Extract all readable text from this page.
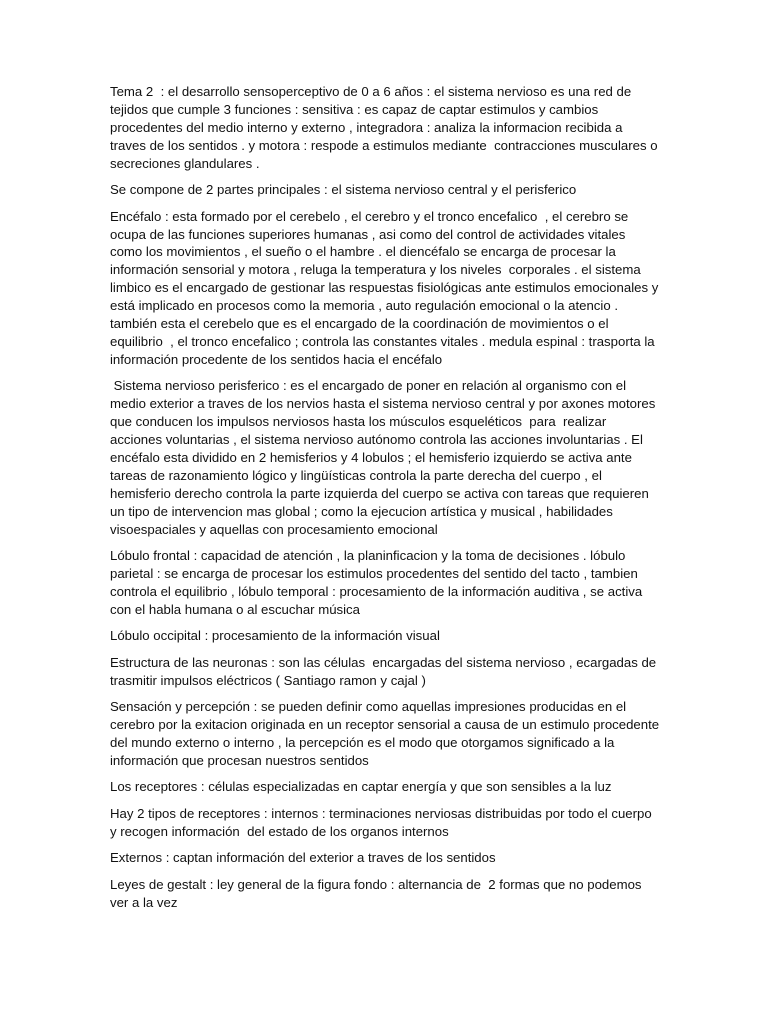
Tema 2  : el desarrollo sensoperceptivo de 0 a 6 años : el sistema nervioso es una red de tejidos que cumple 3 funciones : sensitiva : es capaz de captar estimulos y cambios procedentes del medio interno y externo , integradora : analiza la informacion recibida a traves de los sentidos . y motora : respode a estimulos mediante  contracciones musculares o secreciones glandulares .

Se compone de 2 partes principales : el sistema nervioso central y el perisferico

Encéfalo : esta formado por el cerebelo , el cerebro y el tronco encefalico  , el cerebro se ocupa de las funciones superiores humanas , asi como del control de actividades vitales como los movimientos , el sueño o el hambre . el diencéfalo se encarga de procesar la información sensorial y motora , reluga la temperatura y los niveles  corporales . el sistema limbico es el encargado de gestionar las respuestas fisiológicas ante estimulos emocionales y está implicado en procesos como la memoria , auto regulación emocional o la atencio . también esta el cerebelo que es el encargado de la coordinación de movimientos o el equilibrio  , el tronco encefalico ; controla las constantes vitales . medula espinal : trasporta la información procedente de los sentidos hacia el encéfalo

Sistema nervioso perisferico : es el encargado de poner en relación al organismo con el medio exterior a traves de los nervios hasta el sistema nervioso central y por axones motores que conducen los impulsos nerviosos hasta los músculos esqueléticos  para  realizar acciones voluntarias , el sistema nervioso autónomo controla las acciones involuntarias . El encéfalo esta dividido en 2 hemisferios y 4 lobulos ; el hemisferio izquierdo se activa ante tareas de razonamiento lógico y lingüísticas controla la parte derecha del cuerpo , el hemisferio derecho controla la parte izquierda del cuerpo se activa con tareas que requieren un tipo de intervencion mas global ; como la ejecucion artística y musical , habilidades visoespaciales y aquellas con procesamiento emocional

Lóbulo frontal : capacidad de atención , la planinficacion y la toma de decisiones . lóbulo parietal : se encarga de procesar los estimulos procedentes del sentido del tacto , tambien controla el equilibrio , lóbulo temporal : procesamiento de la información auditiva , se activa con el habla humana o al escuchar música

Lóbulo occipital : procesamiento de la información visual

Estructura de las neuronas : son las células  encargadas del sistema nervioso , ecargadas de trasmitir impulsos eléctricos ( Santiago ramon y cajal )

Sensación y percepción : se pueden definir como aquellas impresiones producidas en el cerebro por la exitacion originada en un receptor sensorial a causa de un estimulo procedente del mundo externo o interno , la percepción es el modo que otorgamos significado a la información que procesan nuestros sentidos

Los receptores : células especializadas en captar energía y que son sensibles a la luz

Hay 2 tipos de receptores : internos : terminaciones nerviosas distribuidas por todo el cuerpo y recogen información  del estado de los organos internos

Externos : captan información del exterior a traves de los sentidos

Leyes de gestalt : ley general de la figura fondo : alternancia de  2 formas que no podemos ver a la vez
